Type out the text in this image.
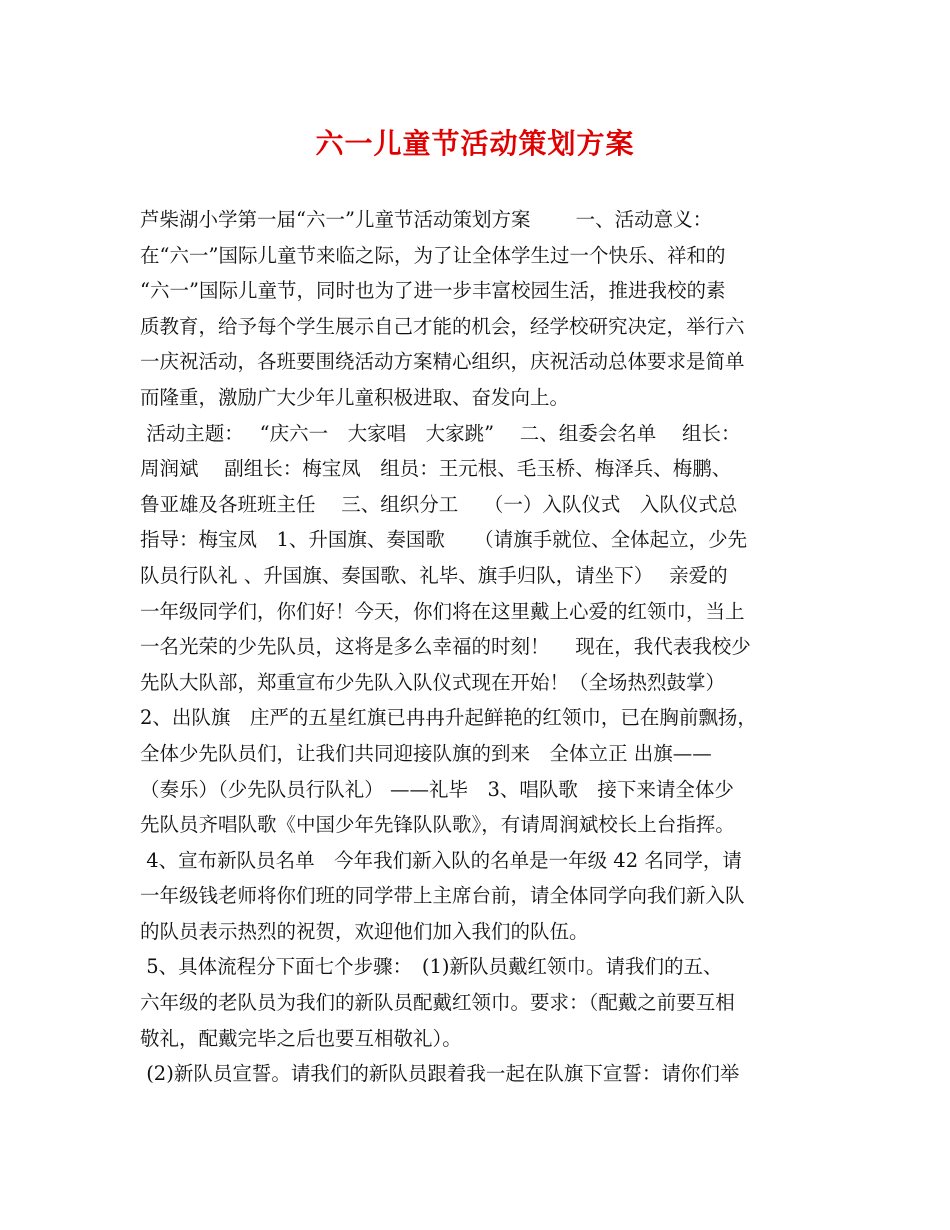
六一儿童节活动策划方案
芦柴湖小学第一届“六一”儿童节活动策划方案　　 一、活动意义：
在“六一”国际儿童节来临之际，为了让全体学生过一个快乐、祥和的
“六一”国际儿童节，同时也为了进一步丰富校园生活，推进我校的素
质教育，给予每个学生展示自己才能的机会，经学校研究决定，举行六
一庆祝活动，各班要围绕活动方案精心组织，庆祝活动总体要求是简单
而隆重，激励广大少年儿童积极进取、奋发向上。
活动主题：　 “庆六一　大家唱　大家跳”　 二、组委会名单　 组长：
周润斌　 副组长：梅宝凤　组员：王元根、毛玉桥、梅泽兵、梅鹏、
鲁亚雄及各班班主任　 三、组织分工　 （一）入队仪式　入队仪式总
指导：梅宝凤　1、升国旗、奏国歌　　（请旗手就位、全体起立，少先
队员行队礼 、升国旗、奏国歌、礼毕、旗手归队，请坐下）　 亲爱的
一年级同学们，你们好！今天，你们将在这里戴上心爱的红领巾，当上
一名光荣的少先队员，这将是多么幸福的时刻！　 现在，我代表我校少
先队大队部，郑重宣布少先队入队仪式现在开始！（全场热烈鼓掌）
2、出队旗　庄严的五星红旗已冉冉升起鲜艳的红领巾，已在胸前飘扬，
全体少先队员们，让我们共同迎接队旗的到来　全体立正 出旗——
（奏乐）（少先队员行队礼） ——礼毕　3、唱队歌　接下来请全体少
先队员齐唱队歌《中国少年先锋队队歌》，有请周润斌校长上台指挥。
4、宣布新队员名单　今年我们新入队的名单是一年级 42 名同学，请
一年级钱老师将你们班的同学带上主席台前，请全体同学向我们新入队
的队员表示热烈的祝贺，欢迎他们加入我们的队伍。
5、具体流程分下面七个步骤：　(1)新队员戴红领巾。请我们的五、
六年级的老队员为我们的新队员配戴红领巾。要求：（配戴之前要互相
敬礼，配戴完毕之后也要互相敬礼）。
(2)新队员宣誓。请我们的新队员跟着我一起在队旗下宣誓：请你们举
